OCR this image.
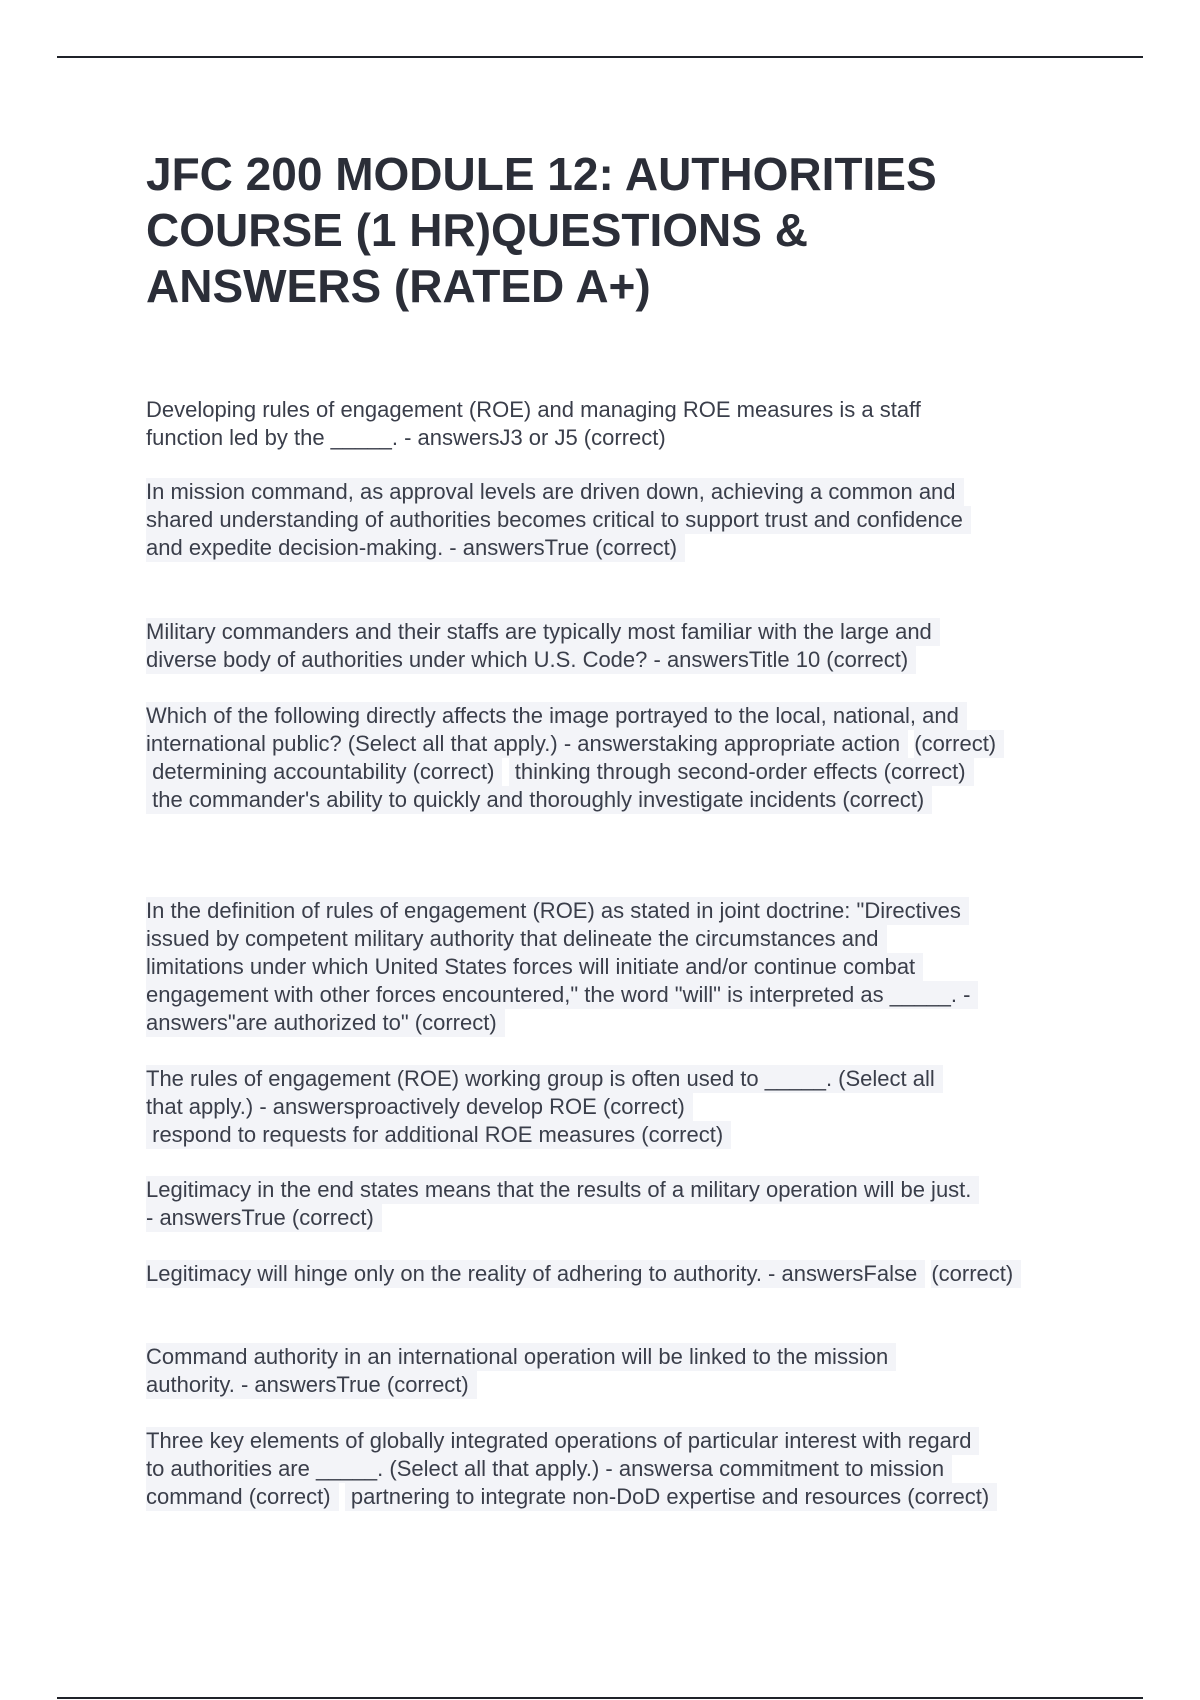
JFC 200 MODULE 12: AUTHORITIES
COURSE (1 HR)QUESTIONS &
ANSWERS (RATED A+)
Developing rules of engagement (ROE) and managing ROE measures is a staff function led by the _____. - answersJ3 or J5 (correct)
In mission command, as approval levels are driven down, achieving a common and shared understanding of authorities becomes critical to support trust and confidence and expedite decision-making. - answersTrue (correct)
Military commanders and their staffs are typically most familiar with the large and diverse body of authorities under which U.S. Code? - answersTitle 10 (correct)
Which of the following directly affects the image portrayed to the local, national, and international public? (Select all that apply.) - answerstaking appropriate action (correct)  determining accountability (correct)  thinking through second-order effects (correct)  the commander's ability to quickly and thoroughly investigate incidents (correct)
In the definition of rules of engagement (ROE) as stated in joint doctrine: "Directives issued by competent military authority that delineate the circumstances and limitations under which United States forces will initiate and/or continue combat engagement with other forces encountered," the word "will" is interpreted as _____. - answers"are authorized to" (correct)
The rules of engagement (ROE) working group is often used to _____. (Select all that apply.) - answersproactively develop ROE (correct)  respond to requests for additional ROE measures (correct)
Legitimacy in the end states means that the results of a military operation will be just. - answersTrue (correct)
Legitimacy will hinge only on the reality of adhering to authority. - answersFalse (correct)
Command authority in an international operation will be linked to the mission authority. - answersTrue (correct)
Three key elements of globally integrated operations of particular interest with regard to authorities are _____. (Select all that apply.) - answersa commitment to mission command (correct)  partnering to integrate non-DoD expertise and resources (correct)
